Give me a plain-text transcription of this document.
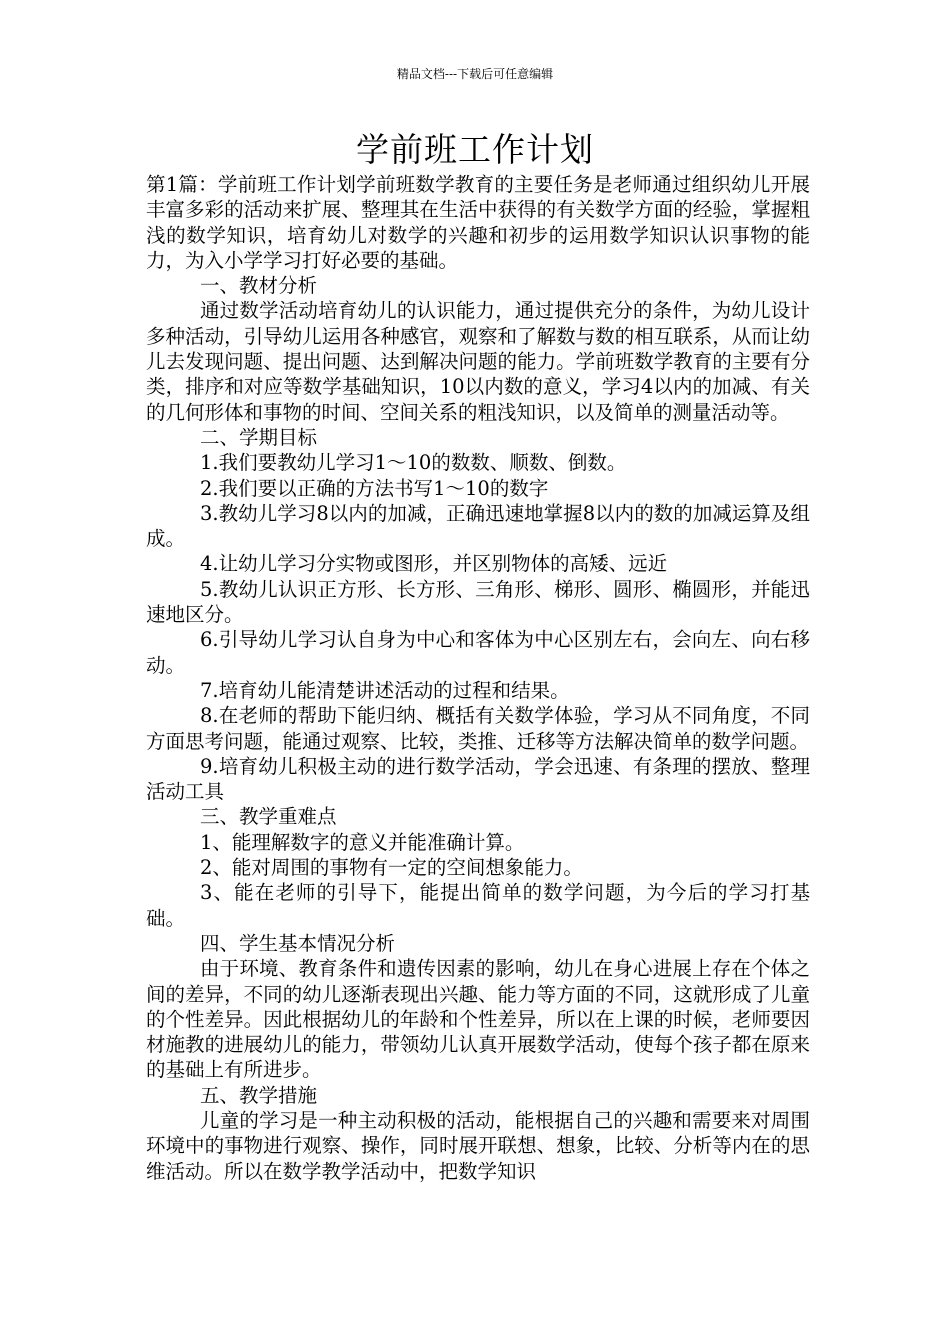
精品文档---下载后可任意编辑
学前班工作计划

第1篇：学前班工作计划学前班数学教育的主要任务是老师通过组织幼儿开展丰富多彩的活动来扩展、整理其在生活中获得的有关数学方面的经验，掌握粗浅的数学知识，培育幼儿对数学的兴趣和初步的运用数学知识认识事物的能力，为入小学学习打好必要的基础。

一、教材分析

通过数学活动培育幼儿的认识能力，通过提供充分的条件，为幼儿设计多种活动，引导幼儿运用各种感官，观察和了解数与数的相互联系，从而让幼儿去发现问题、提出问题、达到解决问题的能力。学前班数学教育的主要有分类，排序和对应等数学基础知识，10以内数的意义，学习4以内的加减、有关的几何形体和事物的时间、空间关系的粗浅知识，以及简单的测量活动等。

二、学期目标

1.我们要教幼儿学习1～10的数数、顺数、倒数。

2.我们要以正确的方法书写1～10的数字

3.教幼儿学习8以内的加减，正确迅速地掌握8以内的数的加减运算及组成。

4.让幼儿学习分实物或图形，并区别物体的高矮、远近

5.教幼儿认识正方形、长方形、三角形、梯形、圆形、椭圆形，并能迅速地区分。

6.引导幼儿学习认自身为中心和客体为中心区别左右，会向左、向右移动。

7.培育幼儿能清楚讲述活动的过程和结果。

8.在老师的帮助下能归纳、概括有关数学体验，学习从不同角度，不同方面思考问题，能通过观察、比较，类推、迁移等方法解决简单的数学问题。

9.培育幼儿积极主动的进行数学活动，学会迅速、有条理的摆放、整理活动工具

三、教学重难点

1、能理解数字的意义并能准确计算。

2、能对周围的事物有一定的空间想象能力。

3、能在老师的引导下，能提出简单的数学问题，为今后的学习打基础。

四、学生基本情况分析

由于环境、教育条件和遗传因素的影响，幼儿在身心进展上存在个体之间的差异，不同的幼儿逐渐表现出兴趣、能力等方面的不同，这就形成了儿童的个性差异。因此根据幼儿的年龄和个性差异，所以在上课的时候，老师要因材施教的进展幼儿的能力，带领幼儿认真开展数学活动，使每个孩子都在原来的基础上有所进步。

五、教学措施

儿童的学习是一种主动积极的活动，能根据自己的兴趣和需要来对周围环境中的事物进行观察、操作，同时展开联想、想象，比较、分析等内在的思维活动。所以在数学教学活动中，把数学知识
